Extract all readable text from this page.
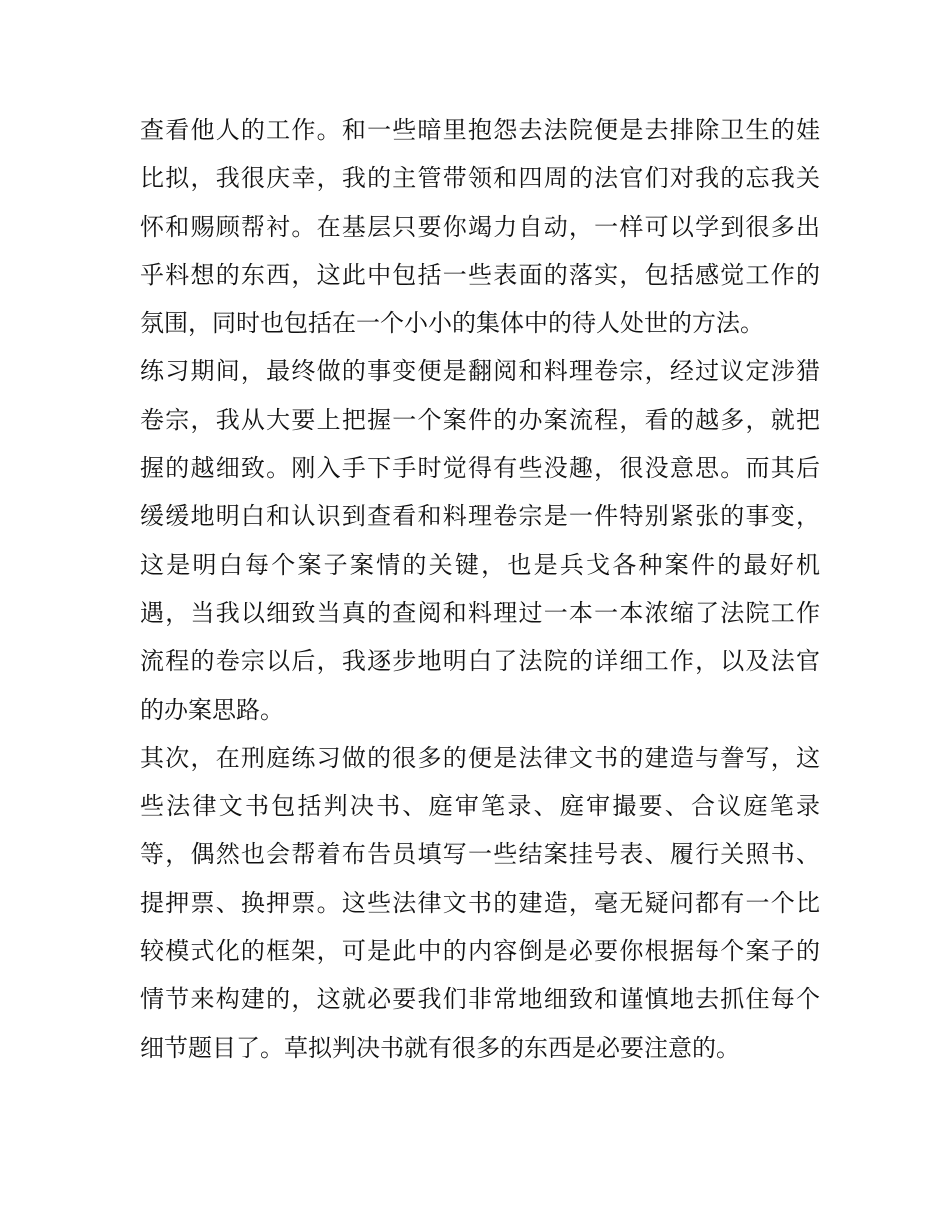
查看他人的工作。和一些暗里抱怨去法院便是去排除卫生的娃
比拟，我很庆幸，我的主管带领和四周的法官们对我的忘我关
怀和赐顾帮衬。在基层只要你竭力自动，一样可以学到很多出
乎料想的东西，这此中包括一些表面的落实，包括感觉工作的
氛围，同时也包括在一个小小的集体中的待人处世的方法。
练习期间，最终做的事变便是翻阅和料理卷宗，经过议定涉猎
卷宗，我从大要上把握一个案件的办案流程，看的越多，就把
握的越细致。刚入手下手时觉得有些没趣，很没意思。而其后
缓缓地明白和认识到查看和料理卷宗是一件特别紧张的事变，
这是明白每个案子案情的关键，也是兵戈各种案件的最好机
遇，当我以细致当真的查阅和料理过一本一本浓缩了法院工作
流程的卷宗以后，我逐步地明白了法院的详细工作，以及法官
的办案思路。
其次，在刑庭练习做的很多的便是法律文书的建造与誊写，这
些法律文书包括判决书、庭审笔录、庭审撮要、合议庭笔录
等，偶然也会帮着布告员填写一些结案挂号表、履行关照书、
提押票、换押票。这些法律文书的建造，毫无疑问都有一个比
较模式化的框架，可是此中的内容倒是必要你根据每个案子的
情节来构建的，这就必要我们非常地细致和谨慎地去抓住每个
细节题目了。草拟判决书就有很多的东西是必要注意的。
